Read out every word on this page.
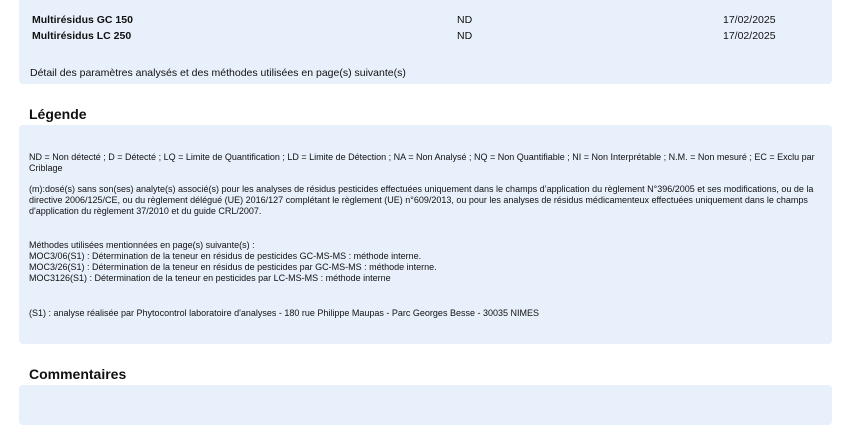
Multirésidus GC 150	ND	17/02/2025
Multirésidus LC 250	ND	17/02/2025
Détail des paramètres analysés et des méthodes utilisées en page(s) suivante(s)
Légende

ND = Non détecté ; D = Détecté ; LQ = Limite de Quantification ; LD = Limite de Détection ; NA = Non Analysé ; NQ = Non Quantifiable ; NI = Non Interprétable ; N.M. = Non mesuré ; EC = Exclu par Criblage

(m):dosé(s) sans son(ses) analyte(s) associé(s) pour les analyses de résidus pesticides effectuées uniquement dans le champs d’application du règlement N°396/2005 et ses modifications, ou de la directive 2006/125/CE, ou du règlement délégué (UE) 2016/127 complétant le règlement (UE) n°609/2013, ou pour les analyses de résidus médicamenteux effectuées uniquement dans le champs d'application du règlement 37/2010 et du guide CRL/2007.

Méthodes utilisées mentionnées en page(s) suivante(s) :

MOC3/06(S1) : Détermination de la teneur en résidus de pesticides GC-MS-MS : méthode interne.

MOC3/26(S1) : Détermination de la teneur en résidus de pesticides par GC-MS-MS : méthode interne.

MOC3126(S1) : Détermination de la teneur en pesticides par LC-MS-MS : méthode interne

(S1) : analyse réalisée par Phytocontrol laboratoire d'analyses - 180 rue Philippe Maupas - Parc Georges Besse - 30035 NIMES

Commentaires
